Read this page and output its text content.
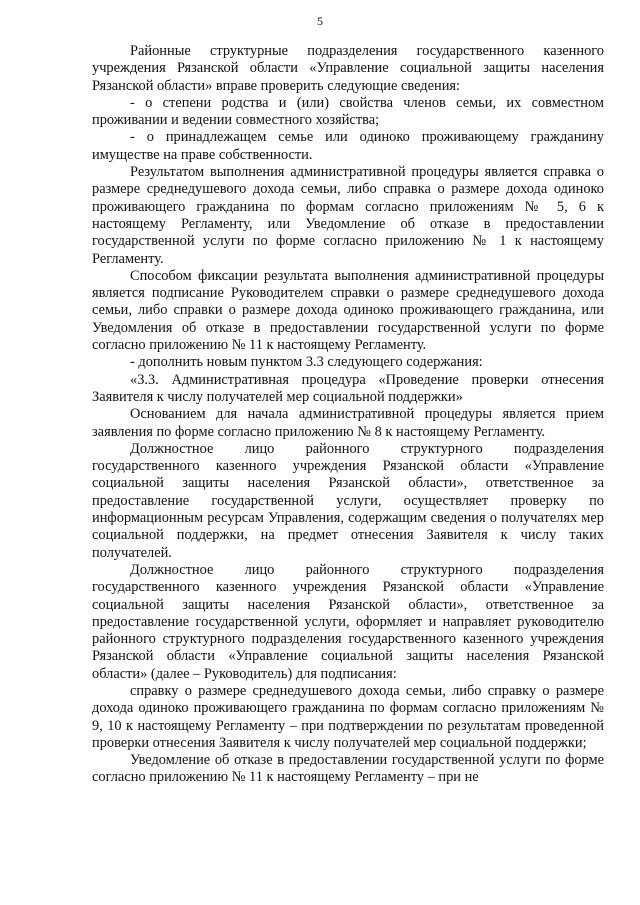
5

Районные структурные подразделения государственного казенного учреждения Рязанской области «Управление социальной защиты населения Рязанской области» вправе проверить следующие сведения:

- о степени родства и (или) свойства членов семьи, их совместном проживании и ведении совместного хозяйства;

- о принадлежащем семье или одиноко проживающему гражданину имуществе на праве собственности.

Результатом выполнения административной процедуры является справка о размере среднедушевого дохода семьи, либо справка о размере дохода одиноко проживающего гражданина по формам согласно приложениям № 5, 6 к настоящему Регламенту, или Уведомление об отказе в предоставлении государственной услуги по форме согласно приложению № 1 к настоящему Регламенту.

Способом фиксации результата выполнения административной процедуры является подписание Руководителем справки о размере среднедушевого дохода семьи, либо справки о размере дохода одиноко проживающего гражданина, или Уведомления об отказе в предоставлении государственной услуги по форме согласно приложению № 11 к настоящему Регламенту.

- дополнить новым пунктом 3.3 следующего содержания:

«3.3. Административная процедура «Проведение проверки отнесения Заявителя к числу получателей мер социальной поддержки»

Основанием для начала административной процедуры является прием заявления по форме согласно приложению № 8 к настоящему Регламенту.

Должностное лицо районного структурного подразделения государственного казенного учреждения Рязанской области «Управление социальной защиты населения Рязанской области», ответственное за предоставление государственной услуги, осуществляет проверку по информационным ресурсам Управления, содержащим сведения о получателях мер социальной поддержки, на предмет отнесения Заявителя к числу таких получателей.

Должностное лицо районного структурного подразделения государственного казенного учреждения Рязанской области «Управление социальной защиты населения Рязанской области», ответственное за предоставление государственной услуги, оформляет и направляет руководителю районного структурного подразделения государственного казенного учреждения Рязанской области «Управление социальной защиты населения Рязанской области» (далее – Руководитель) для подписания:

справку о размере среднедушевого дохода семьи, либо справку о размере дохода одиноко проживающего гражданина по формам согласно приложениям № 9, 10 к настоящему Регламенту – при подтверждении по результатам проведенной проверки отнесения Заявителя к числу получателей мер социальной поддержки;

Уведомление об отказе в предоставлении государственной услуги по форме согласно приложению № 11 к настоящему Регламенту – при не
